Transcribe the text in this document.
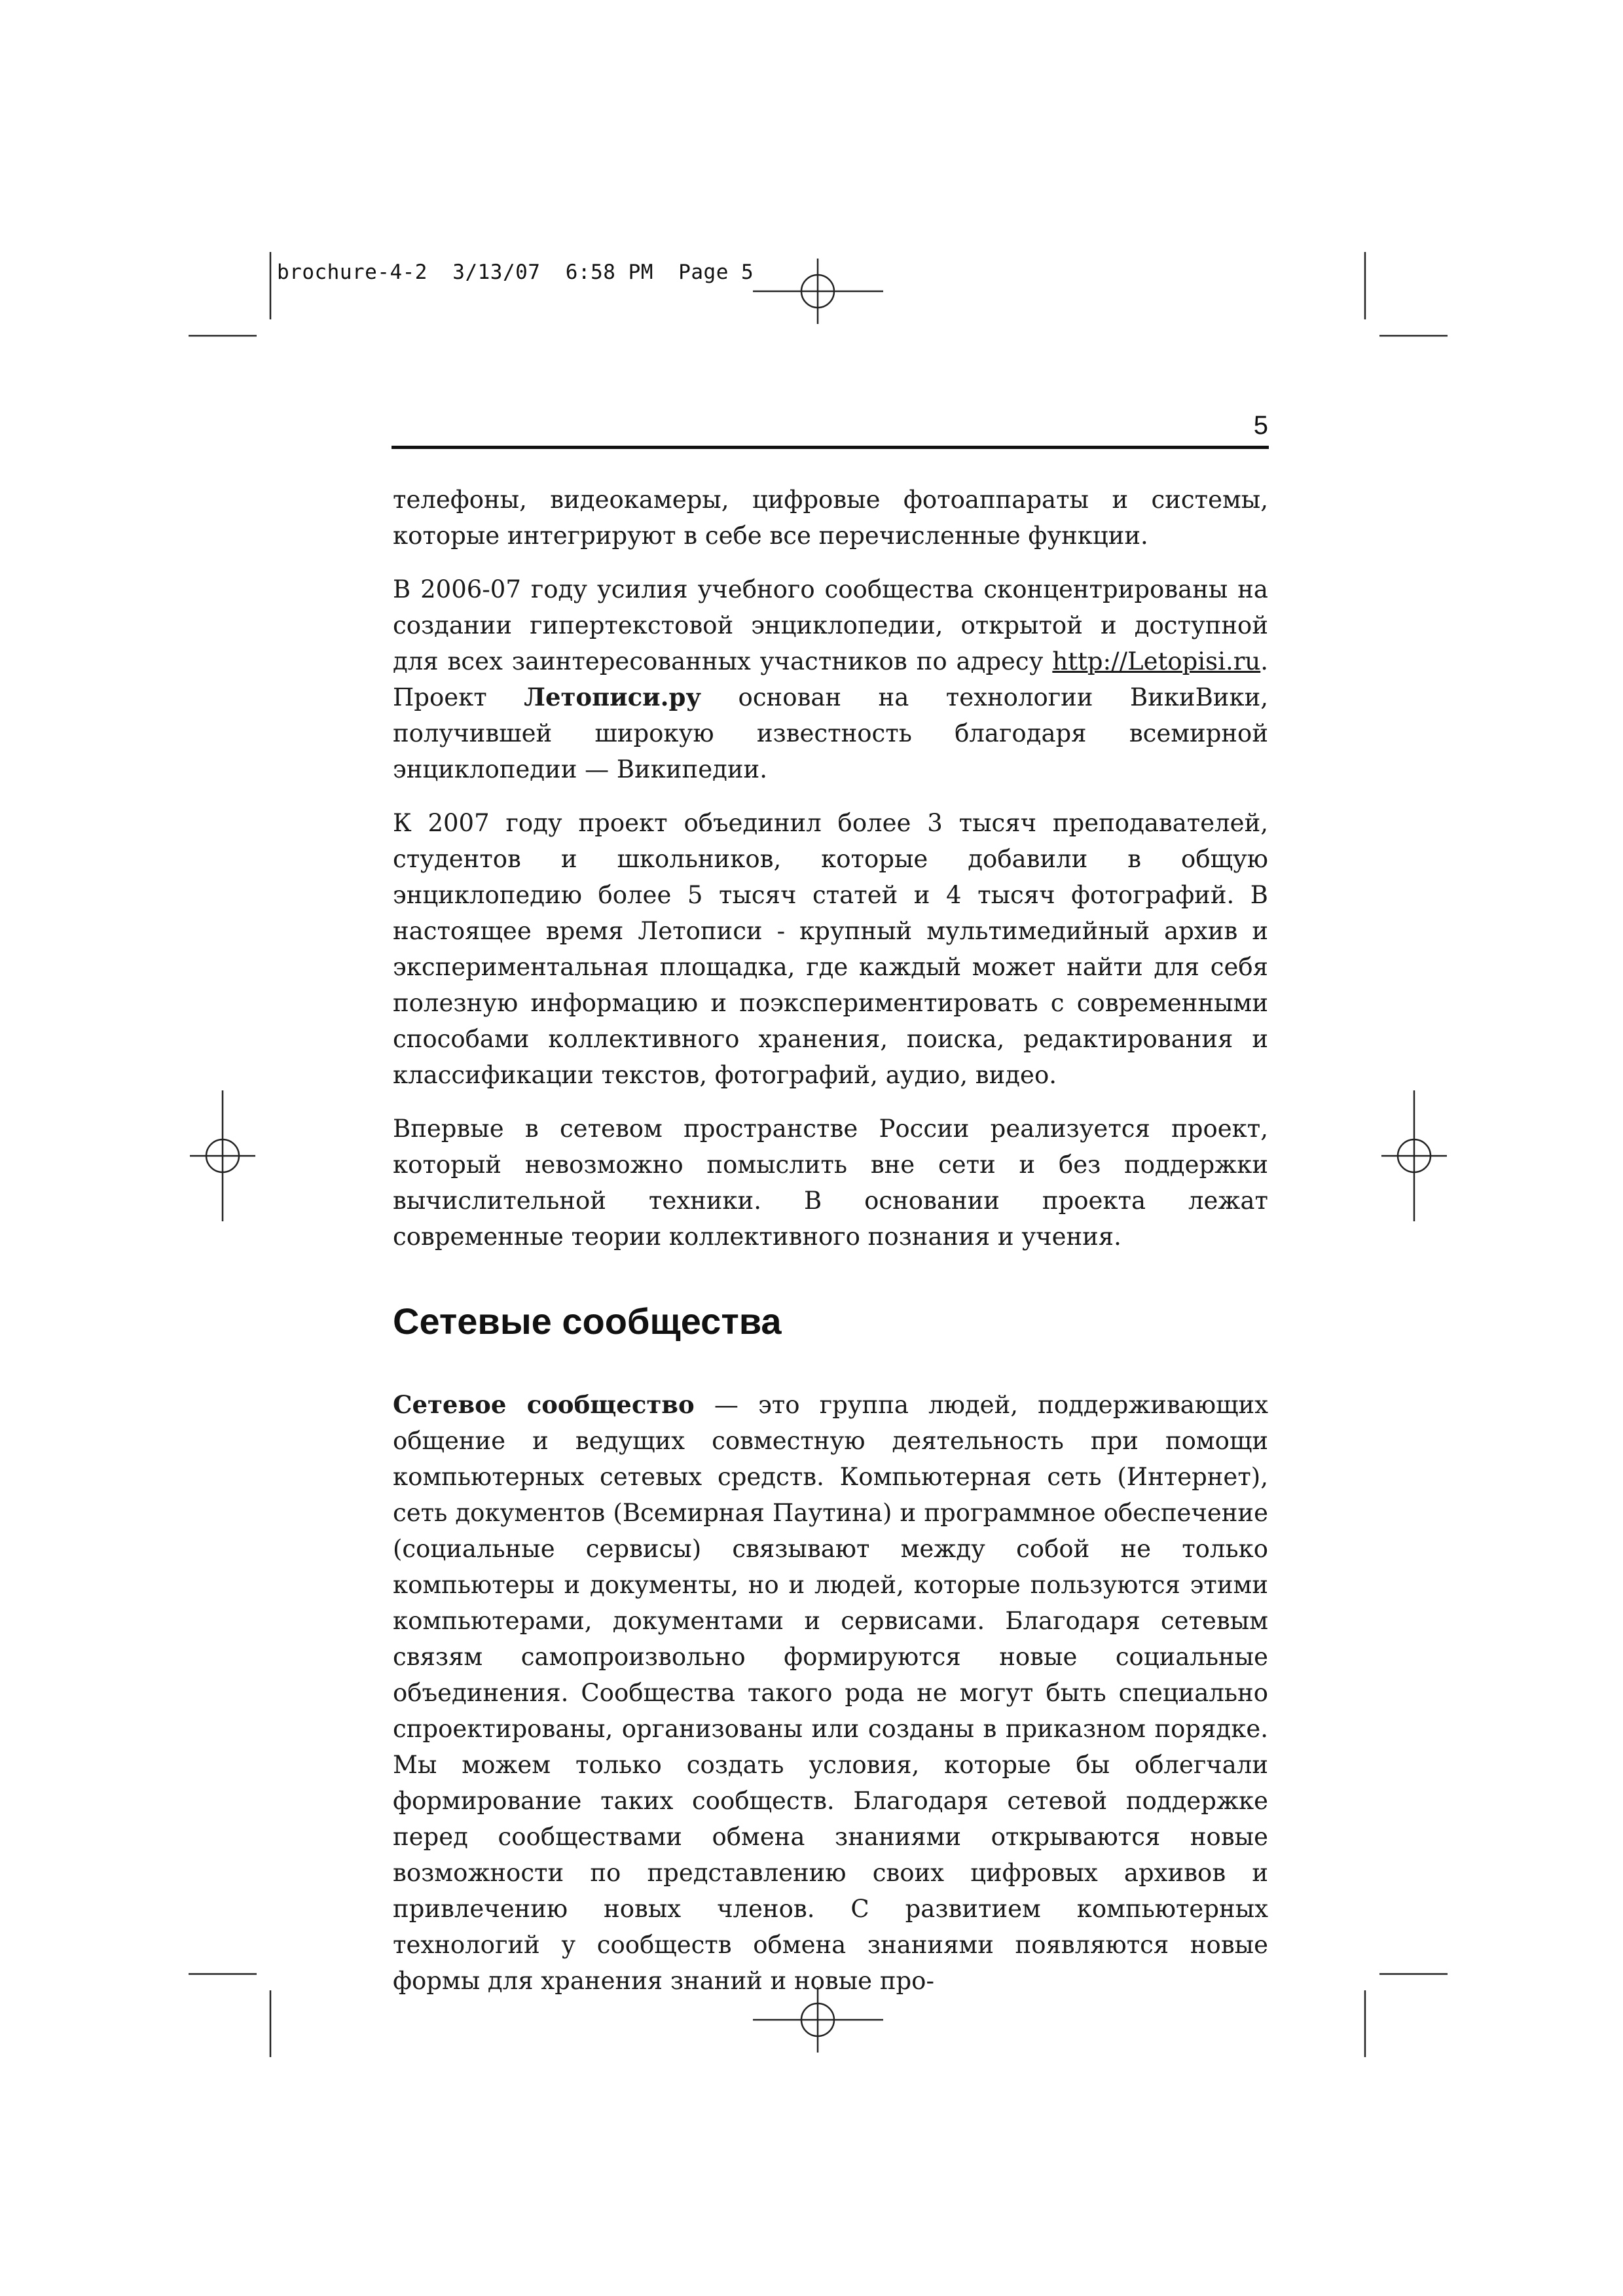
brochure-4-2  3/13/07  6:58 PM  Page 5
5

телефоны, видеокамеры, цифровые фотоаппараты и системы, которые интегрируют в себе все перечисленные функции.

В 2006-07 году усилия учебного сообщества сконцентрированы на создании гипертекстовой энциклопедии, открытой и доступной для всех заинтересованных участников по адресу http://Letopisi.ru. Проект Летописи.ру основан на технологии ВикиВики, получившей широкую известность благодаря всемирной энциклопедии — Википедии.

К 2007 году проект объединил более 3 тысяч преподавателей, студентов и школьников, которые добавили в общую энциклопедию более 5 тысяч статей и 4 тысяч фотографий. В настоящее время Летописи - крупный мультимедийный архив и экспериментальная площадка, где каждый может найти для себя полезную информацию и поэкспериментировать с современными способами коллективного хранения, поиска, редактирования и классификации текстов, фотографий, аудио, видео.

Впервые в сетевом пространстве России реализуется проект, который невозможно помыслить вне сети и без поддержки вычислительной техники. В основании проекта лежат современные теории коллективного познания и учения.

Сетевые сообщества

Сетевое сообщество — это группа людей, поддерживающих общение и ведущих совместную деятельность при помощи компьютерных сетевых средств. Компьютерная сеть (Интернет), сеть документов (Всемирная Паутина) и программное обеспечение (социальные сервисы) связывают между собой не только компьютеры и документы, но и людей, которые пользуются этими компьютерами, документами и сервисами. Благодаря сетевым связям самопроизвольно формируются новые социальные объединения. Сообщества такого рода не могут быть специально спроектированы, организованы или созданы в приказном порядке. Мы можем только создать условия, которые бы облегчали формирование таких сообществ. Благодаря сетевой поддержке перед сообществами обмена знаниями открываются новые возможности по представлению своих цифровых архивов и привлечению новых членов. С развитием компьютерных технологий у сообществ обмена знаниями появляются новые формы для хранения знаний и новые про-
